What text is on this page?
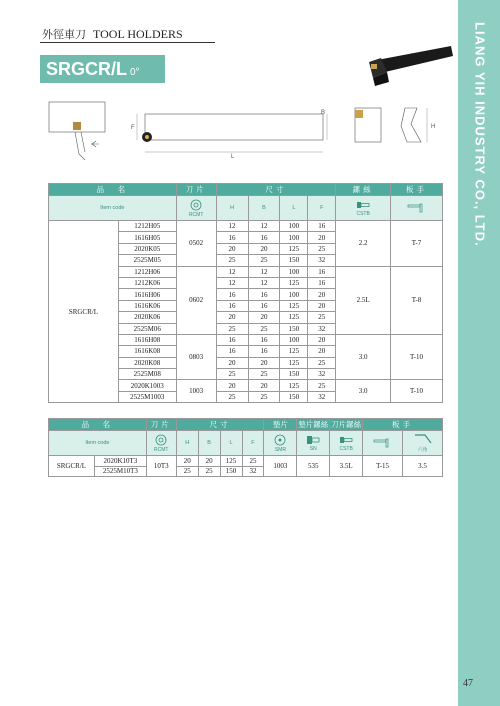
LIANG YIH INDUSTRY CO., LTD.
47
外徑車刀 TOOL HOLDERS
SRGCR/L 0°
F
L
B
H
品　名		刀片	尺寸				鏍絲	板手
Item code		RCMT	H	B	L	F	CSTB

SRGCR/L	1212H05	0502	12	12	100	16	2.2	T-7
	1616H05		16	16	100	20		
	2020K05		20	20	125	25		
	2525M05		25	25	150	32		
	1212H06	0602	12	12	100	16	2.5L	T-8
	1212K06		12	12	125	16		
	1616H06		16	16	100	20		
	1616K06		16	16	125	20		
	2020K06		20	20	125	25		
	2525M06		25	25	150	32		
	1616H08	0803	16	16	100	20	3.0	T-10
	1616K08		16	16	125	20		
	2020K08		20	20	125	25		
	2525M08		25	25	150	32		
	2020K1003	1003	20	20	125	25	3.0	T-10
	2525M1003		25	25	150	32		
品　名		刀片	尺寸				墊片	墊片鏍絲	刀片鏍絲	板手	
Item code		RCMT	H	B	L	F	SMR	SN	CSTB		六角

SRGCR/L	2020K10T3	10T3	20	20	125	25	1003	535	3.5L	T-15	3.5
	2525M10T3		25	25	150	32					
